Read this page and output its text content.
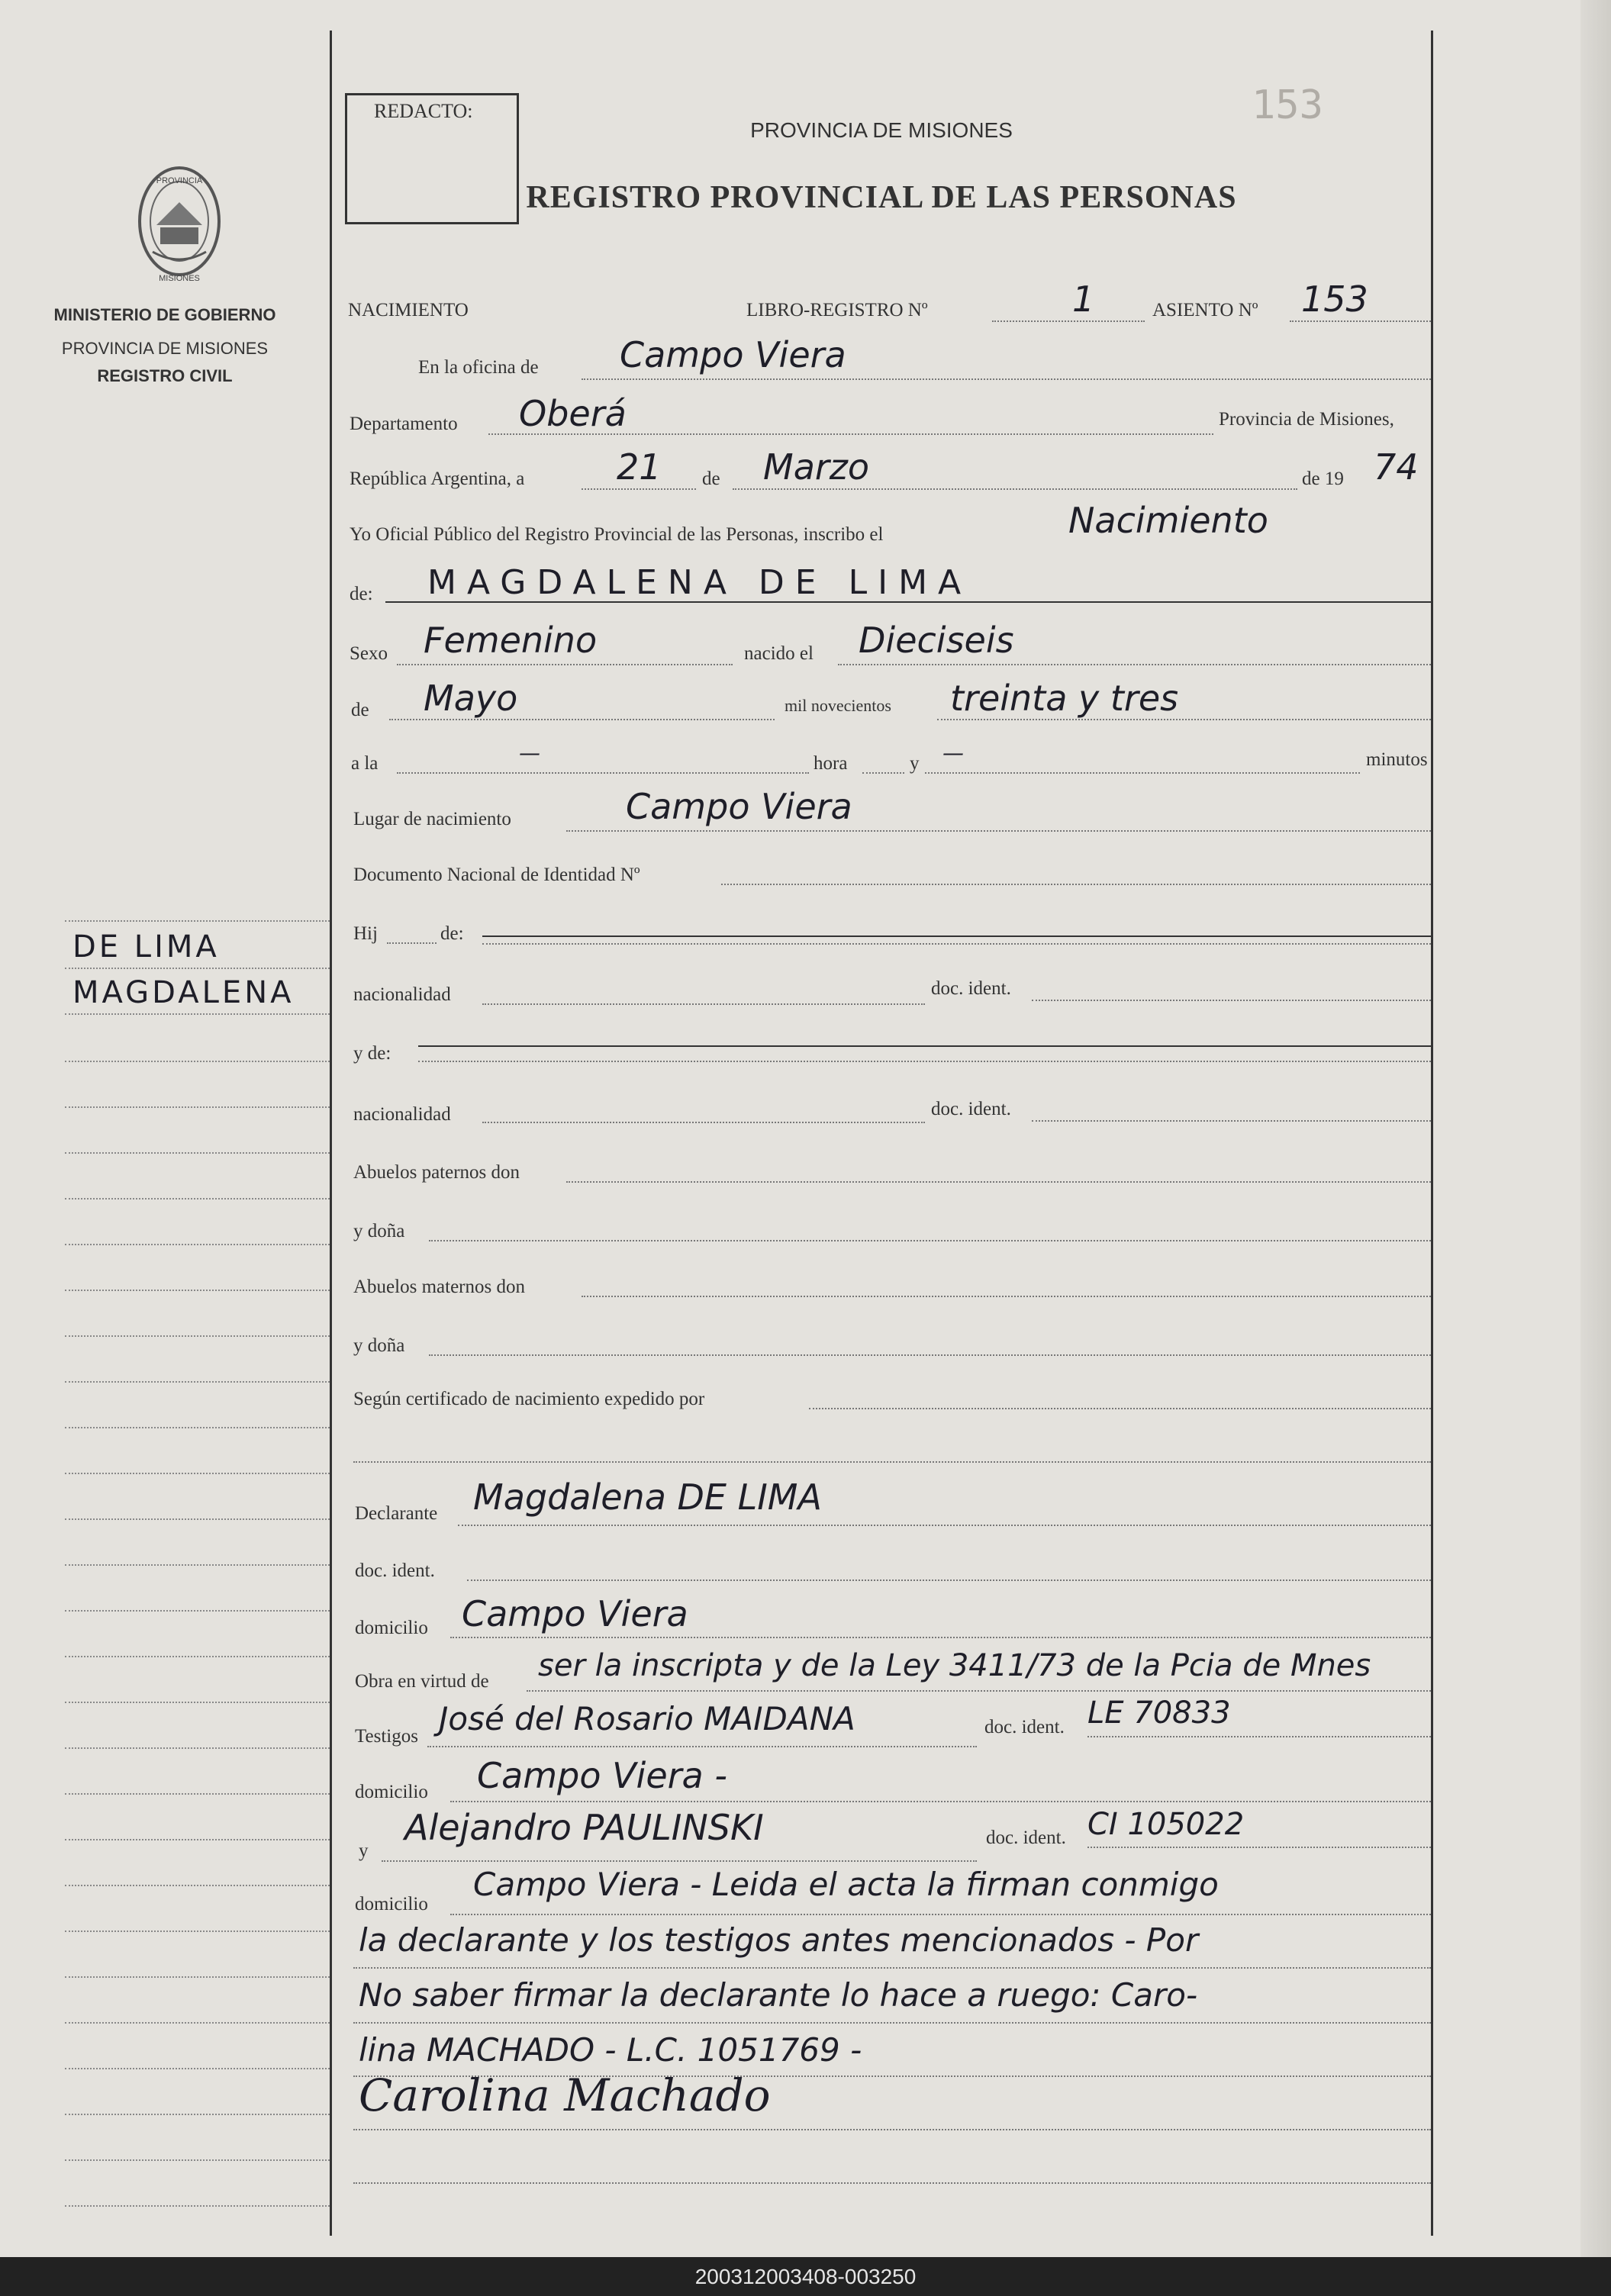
PROVINCIA
MISIONES
MINISTERIO DE GOBIERNO
PROVINCIA DE MISIONES
REGISTRO CIVIL
DE LIMA
MAGDALENA
REDACTO:	153
PROVINCIA DE MISIONES
REGISTRO PROVINCIAL DE LAS PERSONAS
NACIMIENTO	LIBRO-REGISTRO Nº	1	ASIENTO Nº 153
En la oficina de Campo Viera
Departamento Oberá	Provincia de Misiones,
República Argentina, a	21 de Marzo	de 19 74
Yo Oficial Público del Registro Provincial de las Personas, inscribo el	Nacimiento
de: MAGDALENA DE LIMA
Sexo Femenino	nacido el Dieciseis
de Mayo	mil novecientos treinta y tres
a la	—	hora	y —	minutos
Lugar de nacimiento	Campo Viera
Documento Nacional de Identidad Nº
Hij	de:
nacionalidad	doc. ident.
y de:
nacionalidad	doc. ident.
Abuelos paternos don
y doña
Abuelos maternos don
y doña
Según certificado de nacimiento expedido por
Declarante Magdalena DE LIMA
doc. ident.
domicilio Campo Viera
Obra en virtud de ser la inscripta y de la Ley 3411/73 de la Pcia de Mnes
Testigos José del Rosario MAIDANA	doc. ident. LE 70833
domicilio Campo Viera -
y
Alejandro PAULINSKI	doc. ident. CI 105022
domicilio
Campo Viera - Leida el acta la firman conmigo
la declarante y los testigos antes mencionados - Por
No saber firmar la declarante lo hace a ruego: Caro-
lina MACHADO - L.C. 1051769 -
Carolina Machado
200312003408-003250
